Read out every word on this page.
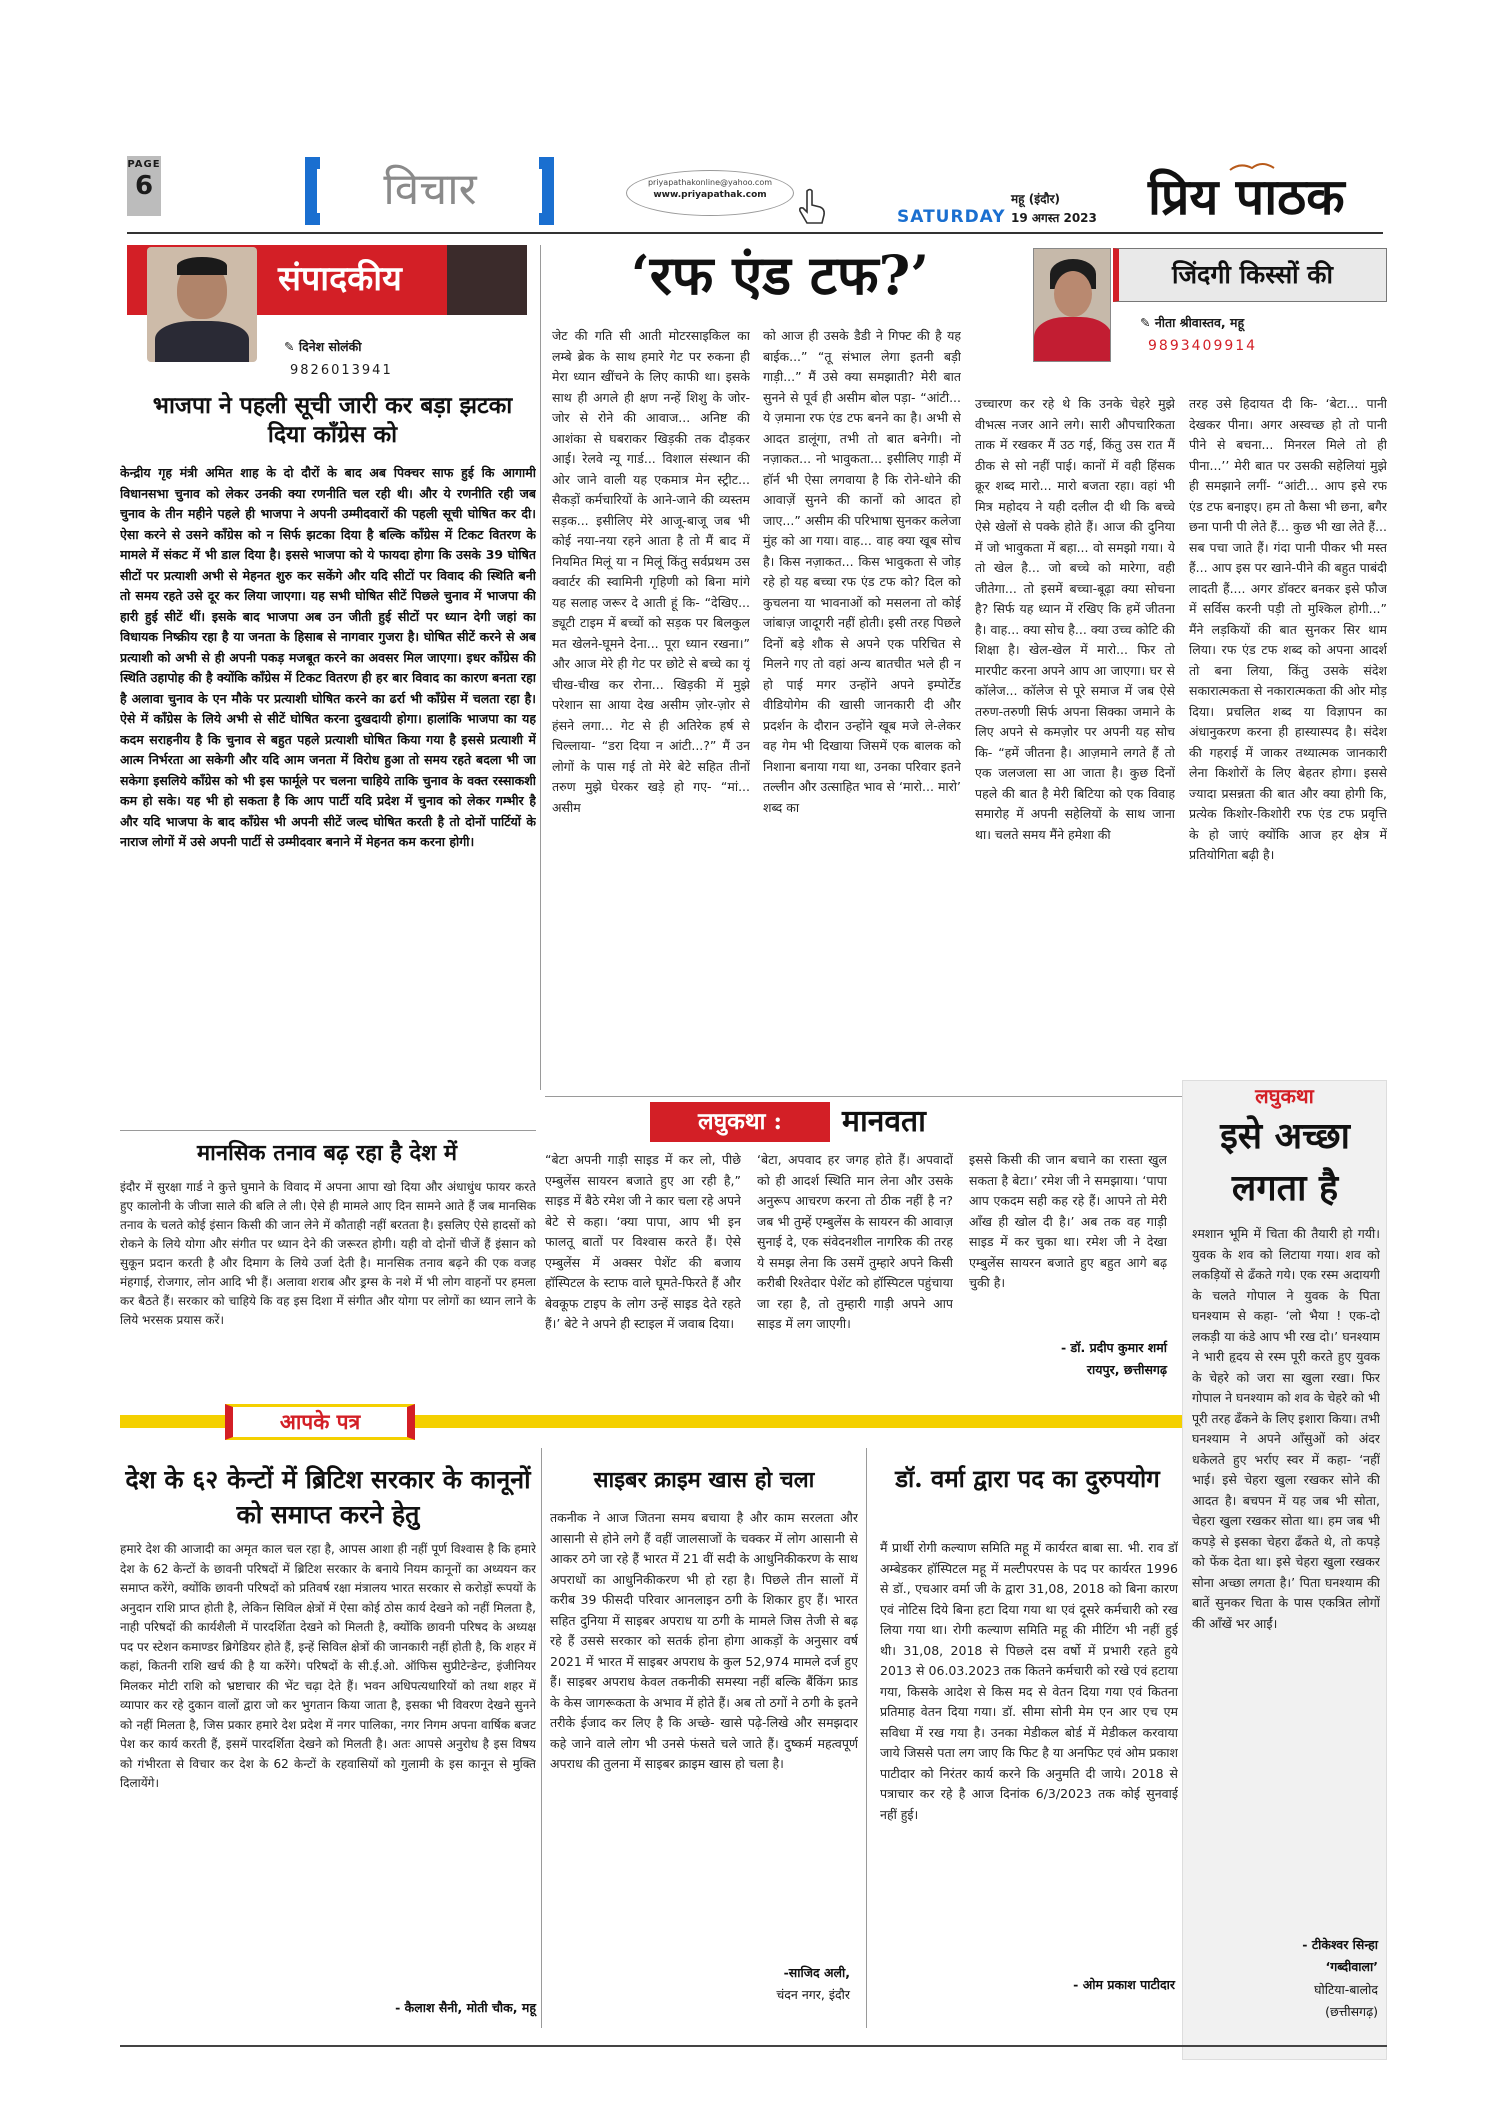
PAGE
6	विचार	priyapathakonline@yahoo.com
www.priyapathak.com
SATURDAY
महू (इंदौर)
19 अगस्त 2023 प्रिय पाठक
संपादकीय
✎ दिनेश सोलंकी
9826013941
भाजपा ने पहली सूची जारी कर बड़ा झटका दिया कॉंग्रेस को
केन्द्रीय गृह मंत्री अमित शाह के दो दौरों के बाद अब पिक्चर साफ हुई कि आगामी विधानसभा चुनाव को लेकर उनकी क्या रणनीति चल रही थी। और ये रणनीति रही जब चुनाव के तीन महीने पहले ही भाजपा ने अपनी उम्मीदवारों की पहली सूची घोषित कर दी। ऐसा करने से उसने कॉंग्रेस को न सिर्फ झटका दिया है बल्कि कॉंग्रेस में टिकट वितरण के मामले में संकट में भी डाल दिया है। इससे भाजपा को ये फायदा होगा कि उसके 39 घोषित सीटों पर प्रत्याशी अभी से मेहनत शुरु कर सकेंगे और यदि सीटों पर विवाद की स्थिति बनी तो समय रहते उसे दूर कर लिया जाएगा। यह सभी घोषित सीटें पिछले चुनाव में भाजपा की हारी हुई सीटें थीं। इसके बाद भाजपा अब उन जीती हुई सीटों पर ध्यान देगी जहां का विधायक निष्क्रीय रहा है या जनता के हिसाब से नागवार गुजरा है। घोषित सीटें करने से अब प्रत्याशी को अभी से ही अपनी पकड़ मजबूत करने का अवसर मिल जाएगा। इधर कॉंग्रेस की स्थिति उहापोह की है क्योंकि कॉंग्रेस में टिकट वितरण ही हर बार विवाद का कारण बनता रहा है अलावा चुनाव के एन मौके पर प्रत्याशी घोषित करने का ढर्रा भी कॉंग्रेस में चलता रहा है। ऐसे में कॉंग्रेस के लिये अभी से सीटें घोषित करना दुखदायी होगा। हालांकि भाजपा का यह कदम सराहनीय है कि चुनाव से बहुत पहले प्रत्याशी घोषित किया गया है इससे प्रत्याशी में आत्म निर्भरता आ सकेगी और यदि आम जनता में विरोध हुआ तो समय रहते बदला भी जा सकेगा इसलिये कॉंग्रेस को भी इस फार्मूले पर चलना चाहिये ताकि चुनाव के वक्त रस्साकशी कम हो सके। यह भी हो सकता है कि आप पार्टी यदि प्रदेश में चुनाव को लेकर गम्भीर है और यदि भाजपा के बाद कॉंग्रेस भी अपनी सीटें जल्द घोषित करती है तो दोनों पार्टियों के नाराज लोगों में उसे अपनी पार्टी से उम्मीदवार बनाने में मेहनत कम करना होगी।
मानसिक तनाव बढ़ रहा है देश में
इंदौर में सुरक्षा गार्ड ने कुत्ते घुमाने के विवाद में अपना आपा खो दिया और अंधाधुंध फायर करते हुए कालोनी के जीजा साले की बलि ले ली। ऐसे ही मामले आए दिन सामने आते हैं जब मानसिक तनाव के चलते कोई इंसान किसी की जान लेने में कौताही नहीं बरतता है। इसलिए ऐसे हादसों को रोकने के लिये योगा और संगीत पर ध्यान देने की जरूरत होगी। यही वो दोनों चीजें हैं इंसान को सुकून प्रदान करती है और दिमाग के लिये उर्जा देती है। मानसिक तनाव बढ़ने की एक वजह मंहगाई, रोजगार, लोन आदि भी हैं। अलावा शराब और ड्रग्स के नशे में भी लोग वाहनों पर हमला कर बैठते हैं। सरकार को चाहिये कि वह इस दिशा में संगीत और योगा पर लोगों का ध्यान लाने के लिये भरसक प्रयास करें।
‘रफ एंड टफ?’
जेट की गति सी आती मोटरसाइकिल का लम्बे ब्रेक के साथ हमारे गेट पर रुकना ही मेरा ध्यान खींचने के लिए काफी था। इसके साथ ही अगले ही क्षण नन्हें शिशु के जोर-जोर से रोने की आवाज... अनिष्ट की आशंका से घबराकर खिड़की तक दौड़कर आई। रेलवे न्यू गार्ड... विशाल संस्थान की ओर जाने वाली यह एकमात्र मेन स्ट्रीट... सैकड़ों कर्मचारियों के आने-जाने की व्यस्तम सड़क... इसीलिए मेरे आजू-बाजू जब भी कोई नया-नया रहने आता है तो मैं बाद में नियमित मिलूं या न मिलूं किंतु सर्वप्रथम उस क्वार्टर की स्वामिनी गृहिणी को बिना मांगे यह सलाह जरूर दे आती हूं कि- “देखिए... ड्यूटी टाइम में बच्चों को सड़क पर बिलकुल मत खेलने-घूमने देना... पूरा ध्यान रखना।” और आज मेरे ही गेट पर छोटे से बच्चे का यूं चीख-चीख कर रोना... खिड़की में मुझे परेशान सा आया देख असीम ज़ोर-ज़ोर से हंसने लगा... गेट से ही अतिरेक हर्ष से चिल्लाया- “डरा दिया न आंटी...?” मैं उन लोगों के पास गई तो मेरे बेटे सहित तीनों तरुण मुझे घेरकर खड़े हो गए- “मां... असीम
को आज ही उसके डैडी ने गिफ्ट की है यह बाईक...” “तू संभाल लेगा इतनी बड़ी गाड़ी...” मैं उसे क्या समझाती? मेरी बात सुनने से पूर्व ही असीम बोल पड़ा- “आंटी... ये ज़माना रफ एंड टफ बनने का है। अभी से आदत डालूंगा, तभी तो बात बनेगी। नो नज़ाकत... नो भावुकता... इसीलिए गाड़ी में हॉर्न भी ऐसा लगवाया है कि रोने-धोने की आवाज़ें सुनने की कानों को आदत हो जाए...” असीम की परिभाषा सुनकर कलेजा मुंह को आ गया। वाह... वाह क्या खूब सोच है। किस नज़ाकत... किस भावुकता से जोड़ रहे हो यह बच्चा रफ एंड टफ को? दिल को कुचलना या भावनाओं को मसलना तो कोई जांबाज़ जादूगरी नहीं होती। इसी तरह पिछले दिनों बड़े शौक से अपने एक परिचित से मिलने गए तो वहां अन्य बातचीत भले ही न हो पाई मगर उन्होंने अपने इम्पोर्टेड वीडियोगेम की खासी जानकारी दी और प्रदर्शन के दौरान उन्होंने खूब मजे ले-लेकर वह गेम भी दिखाया जिसमें एक बालक को निशाना बनाया गया था, उनका परिवार इतने तल्लीन और उत्साहित भाव से ‘मारो... मारो’ शब्द का
उच्चारण कर रहे थे कि उनके चेहरे मुझे वीभत्स नजर आने लगे। सारी औपचारिकता ताक में रखकर मैं उठ गई, किंतु उस रात मैं ठीक से सो नहीं पाई। कानों में वही हिंसक क्रूर शब्द मारो... मारो बजता रहा। वहां भी मित्र महोदय ने यही दलील दी थी कि बच्चे ऐसे खेलों से पक्के होते हैं। आज की दुनिया में जो भावुकता में बहा... वो समझो गया। ये तो खेल है... जो बच्चे को मारेगा, वही जीतेगा... तो इसमें बच्चा-बूढ़ा क्या सोचना है? सिर्फ यह ध्यान में रखिए कि हमें जीतना है। वाह... क्या सोच है... क्या उच्च कोटि की शिक्षा है। खेल-खेल में मारो... फिर तो मारपीट करना अपने आप आ जाएगा। घर से कॉलेज... कॉलेज से पूरे समाज में जब ऐसे तरुण-तरुणी सिर्फ अपना सिक्का जमाने के लिए अपने से कमज़ोर पर अपनी यह सोच कि- “हमें जीतना है। आज़माने लगते हैं तो एक जलजला सा आ जाता है। कुछ दिनों पहले की बात है मेरी बिटिया को एक विवाह समारोह में अपनी सहेलियों के साथ जाना था। चलते समय मैंने हमेशा की
तरह उसे हिदायत दी कि- ‘बेटा... पानी देखकर पीना। अगर अस्वच्छ हो तो पानी पीने से बचना... मिनरल मिले तो ही पीना...’’ मेरी बात पर उसकी सहेलियां मुझे ही समझाने लगीं- “आंटी... आप इसे रफ एंड टफ बनाइए। हम तो कैसा भी छना, बगैर छना पानी पी लेते हैं... कुछ भी खा लेते हैं... सब पचा जाते हैं। गंदा पानी पीकर भी मस्त हैं... आप इस पर खाने-पीने की बहुत पाबंदी लादती हैं.... अगर डॉक्टर बनकर इसे फौज में सर्विस करनी पड़ी तो मुश्किल होगी...” मैंने लड़कियों की बात सुनकर सिर थाम लिया। रफ एंड टफ शब्द को अपना आदर्श तो बना लिया, किंतु उसके संदेश सकारात्मकता से नकारात्मकता की ओर मोड़ दिया। प्रचलित शब्द या विज्ञापन का अंधानुकरण करना ही हास्यास्पद है। संदेश की गहराई में जाकर तथ्यात्मक जानकारी लेना किशोरों के लिए बेहतर होगा। इससे ज्यादा प्रसन्नता की बात और क्या होगी कि, प्रत्येक किशोर-किशोरी रफ एंड टफ प्रवृत्ति के हो जाएं क्योंकि आज हर क्षेत्र में प्रतियोगिता बढ़ी है।
जिंदगी किस्सों की
✎ नीता श्रीवास्तव, महू
9893409914
लघुकथा :	मानवता
“बेटा अपनी गाड़ी साइड में कर लो, पीछे एम्बुलेंस सायरन बजाते हुए आ रही है,” साइड में बैठे रमेश जी ने कार चला रहे अपने बेटे से कहा। ‘क्या पापा, आप भी इन फालतू बातों पर विश्वास करते हैं। ऐसे एम्बुलेंस में अक्सर पेशेंट की बजाय हॉस्पिटल के स्टाफ वाले घूमते-फिरते हैं और बेवकूफ टाइप के लोग उन्हें साइड देते रहते हैं।’ बेटे ने अपने ही स्टाइल में जवाब दिया।
‘बेटा, अपवाद हर जगह होते हैं। अपवादों को ही आदर्श स्थिति मान लेना और उसके अनुरूप आचरण करना तो ठीक नहीं है न? जब भी तुम्हें एम्बुलेंस के सायरन की आवाज़ सुनाई दे, एक संवेदनशील नागरिक की तरह ये समझ लेना कि उसमें तुम्हारे अपने किसी करीबी रिश्तेदार पेशेंट को हॉस्पिटल पहुंचाया जा रहा है, तो तुम्हारी गाड़ी अपने आप साइड में लग जाएगी।
इससे किसी की जान बचाने का रास्ता खुल सकता है बेटा।’ रमेश जी ने समझाया। ‘पापा आप एकदम सही कह रहे हैं। आपने तो मेरी आँख ही खोल दी है।’ अब तक वह गाड़ी साइड में कर चुका था। रमेश जी ने देखा एम्बुलेंस सायरन बजाते हुए बहुत आगे बढ़ चुकी है।
- डॉ. प्रदीप कुमार शर्मा
रायपुर, छत्तीसगढ़
लघुकथा
इसे अच्छा लगता है
श्मशान भूमि में चिता की तैयारी हो गयी। युवक के शव को लिटाया गया। शव को लकड़ियों से ढँकते गये। एक रस्म अदायगी के चलते गोपाल ने युवक के पिता घनश्याम से कहा- ‘लो भैया ! एक-दो लकड़ी या कंडे आप भी रख दो।’ घनश्याम ने भारी हृदय से रस्म पूरी करते हुए युवक के चेहरे को जरा सा खुला रखा। फिर गोपाल ने घनश्याम को शव के चेहरे को भी पूरी तरह ढँकने के लिए इशारा किया। तभी घनश्याम ने अपने आँसुओं को अंदर धकेलते हुए भर्राए स्वर में कहा- ‘नहीं भाई। इसे चेहरा खुला रखकर सोने की आदत है। बचपन में यह जब भी सोता, चेहरा खुला रखकर सोता था। हम जब भी कपड़े से इसका चेहरा ढँकते थे, तो कपड़े को फेंक देता था। इसे चेहरा खुला रखकर सोना अच्छा लगता है।’ पिता घनश्याम की बातें सुनकर चिता के पास एकत्रित लोगों की आँखें भर आईं।
- टीकेश्वर सिन्हा
‘गब्दीवाला’
घोटिया-बालोद
(छत्तीसगढ़)
आपके पत्र
देश के ६२ केन्टों में ब्रिटिश सरकार के कानूनों को समाप्त करने हेतु
हमारे देश की आजादी का अमृत काल चल रहा है, आपस आशा ही नहीं पूर्ण विश्वास है कि हमारे देश के 62 केन्टों के छावनी परिषदों में ब्रिटिश सरकार के बनाये नियम कानूनों का अध्ययन कर समाप्त करेंगे, क्योंकि छावनी परिषदों को प्रतिवर्ष रक्षा मंत्रालय भारत सरकार से करोड़ों रूपयों के अनुदान राशि प्राप्त होती है, लेकिन सिविल क्षेत्रों में ऐसा कोई ठोस कार्य देखने को नहीं मिलता है, नाही परिषदों की कार्यशैली में पारदर्शिता देखने को मिलती है, क्योंकि छावनी परिषद के अध्यक्ष पद पर स्टेशन कमाण्डर ब्रिगेडियर होते हैं, इन्हें सिविल क्षेत्रों की जानकारी नहीं होती है, कि शहर में कहां, कितनी राशि खर्च की है या करेंगे। परिषदों के सी.ई.ओ. ऑफिस सुप्रीटेन्डेन्ट, इंजीनियर मिलकर मोटी राशि को भ्रष्टाचार की भेंट चढ़ा देते हैं। भवन अधिपत्यधारियों को तथा शहर में व्यापार कर रहे दुकान वालों द्वारा जो कर भुगतान किया जाता है, इसका भी विवरण देखने सुनने को नहीं मिलता है, जिस प्रकार हमारे देश प्रदेश में नगर पालिका, नगर निगम अपना वार्षिक बजट पेश कर कार्य करती हैं, इसमें पारदर्शिता देखने को मिलती है। अतः आपसे अनुरोध है इस विषय को गंभीरता से विचार कर देश के 62 केन्टों के रहवासियों को गुलामी के इस कानून से मुक्ति दिलायेंगे।
- कैलाश सैनी, मोती चौक, महू
साइबर क्राइम खास हो चला
तकनीक ने आज जितना समय बचाया है और काम सरलता और आसानी से होने लगे हैं वहीं जालसाजों के चक्कर में लोग आसानी से आकर ठगे जा रहे हैं भारत में 21 वीं सदी के आधुनिकीकरण के साथ अपराधों का आधुनिकीकरण भी हो रहा है। पिछले तीन सालों में करीब 39 फीसदी परिवार आनलाइन ठगी के शिकार हुए हैं। भारत सहित दुनिया में साइबर अपराध या ठगी के मामले जिस तेजी से बढ़ रहे हैं उससे सरकार को सतर्क होना होगा आकड़ों के अनुसार वर्ष 2021 में भारत में साइबर अपराध के कुल 52,974 मामले दर्ज हुए हैं। साइबर अपराध केवल तकनीकी समस्या नहीं बल्कि बैंकिंग फ्राड के केस जागरूकता के अभाव में होते हैं। अब तो ठगों ने ठगी के इतने तरीके ईजाद कर लिए है कि अच्छे- खासे पढ़े-लिखे और समझदार कहे जाने वाले लोग भी उनसे फंसते चले जाते हैं। दुष्कर्म महत्वपूर्ण अपराध की तुलना में साइबर क्राइम खास हो चला है।
-साजिद अली,
चंदन नगर, इंदौर
डॉ. वर्मा द्वारा पद का दुरुपयोग
मैं प्रार्थी रोगी कल्याण समिति महू में कार्यरत बाबा सा. भी. राव डॉ अम्बेडकर हॉस्पिटल महू में मल्टीपरपस के पद पर कार्यरत 1996 से डॉ., एचआर वर्मा जी के द्वारा 31,08, 2018 को बिना कारण एवं नोटिस दिये बिना हटा दिया गया था एवं दूसरे कर्मचारी को रख लिया गया था। रोगी कल्याण समिति महू की मीटिंग भी नहीं हुई थी। 31,08, 2018 से पिछले दस वर्षो में प्रभारी रहते हुये 2013 से 06.03.2023 तक कितने कर्मचारी को रखे एवं हटाया गया, किसके आदेश से किस मद से वेतन दिया गया एवं कितना प्रतिमाह वेतन दिया गया। डॉ. सीमा सोनी मेम एन आर एच एम सविधा में रख गया है। उनका मेडीकल बोर्ड में मेडीकल करवाया जाये जिससे पता लग जाए कि फिट है या अनफिट एवं ओम प्रकाश पाटीदार को निरंतर कार्य करने कि अनुमति दी जाये। 2018 से पत्राचार कर रहे है आज दिनांक 6/3/2023 तक कोई सुनवाई नहीं हुई।
- ओम प्रकाश पाटीदार
